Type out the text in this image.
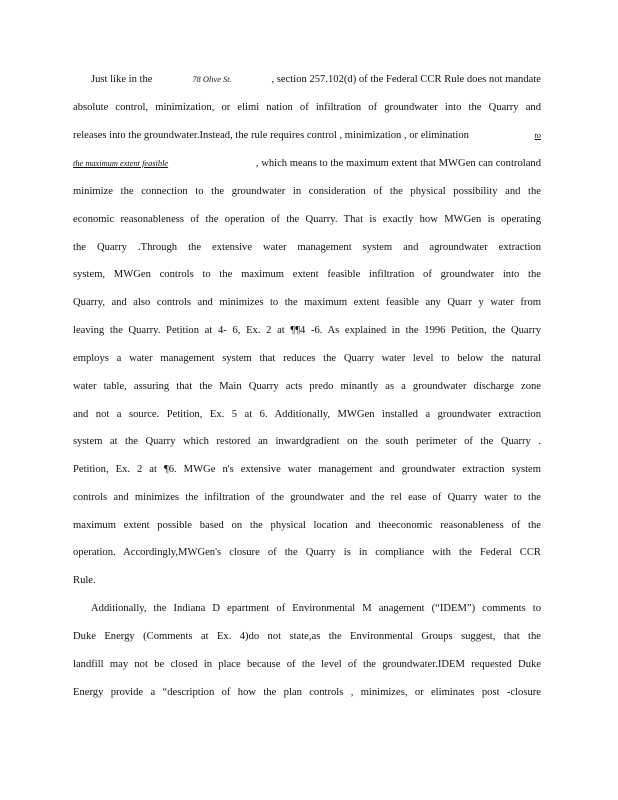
Just like in the	78 Olive St.	, section 257.102(d) of the Federal CCR Rule does not mandate
absolute control, minimization, or elimi nation of infiltration of groundwater into the Quarry and
releases into the groundwater.Instead, the rule requires control , minimization , or elimination	to
the maximum extent feasible	, which means to the maximum extent that MWGen can controland
minimize the connection to the groundwater in consideration of the physical possibility and the
economic reasonableness of the operation of the Quarry. That is exactly how MWGen is operating
the Quarry .Through the extensive water management system and agroundwater extraction
system, MWGen controls to the maximum extent feasible infiltration of groundwater into the
Quarry, and also controls and minimizes to the maximum extent feasible any Quarr y water from
leaving the Quarry. Petition at 4- 6, Ex. 2 at ¶¶4 -6. As explained in the 1996 Petition, the Quarry
employs a water management system that reduces the Quarry water level to below the natural
water table, assuring that the Main Quarry acts predo minantly as a groundwater discharge zone
and not a source. Petition, Ex. 5 at 6. Additionally, MWGen installed a groundwater extraction
system at the Quarry which restored an inwardgradient on the south perimeter of the Quarry .
Petition, Ex. 2 at ¶6. MWGe n's extensive water management and groundwater extraction system
controls and minimizes the infiltration of the groundwater and the rel ease of Quarry water to the
maximum extent possible based on the physical location and theeconomic reasonableness of the
operation. Accordingly,MWGen's closure of the Quarry is in compliance with the Federal CCR
Rule.
Additionally, the Indiana D epartment of Environmental M anagement (“IDEM”) comments to
Duke Energy (Comments at Ex. 4)do not state,as the Environmental Groups suggest, that the
landfill may not be closed in place because of the level of the groundwater.IDEM requested Duke
Energy provide a “description of how the plan controls , minimizes, or eliminates post -closure
